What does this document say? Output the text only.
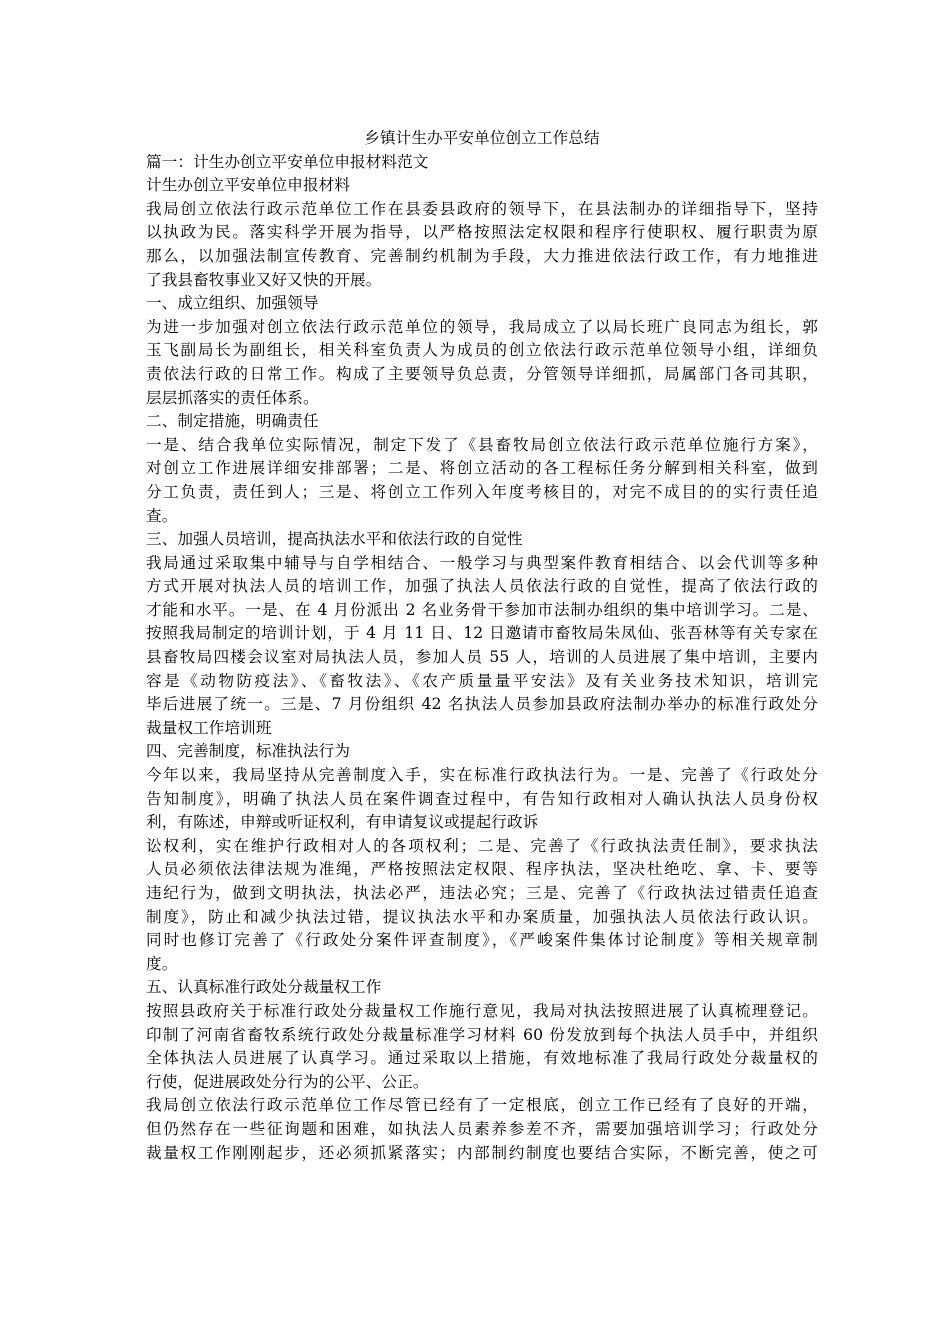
乡镇计生办平安单位创立工作总结

篇一：计生办创立平安单位申报材料范文

计生办创立平安单位申报材料

我局创立依法行政示范单位工作在县委县政府的领导下，在县法制办的详细指导下，坚持

以执政为民。落实科学开展为指导，以严格按照法定权限和程序行使职权、履行职责为原

那么，以加强法制宣传教育、完善制约机制为手段，大力推进依法行政工作，有力地推进

了我县畜牧事业又好又快的开展。

一、成立组织、加强领导

为进一步加强对创立依法行政示范单位的领导，我局成立了以局长班广良同志为组长，郭

玉飞副局长为副组长，相关科室负责人为成员的创立依法行政示范单位领导小组，详细负

责依法行政的日常工作。构成了主要领导负总责，分管领导详细抓，局属部门各司其职，

层层抓落实的责任体系。

二、制定措施，明确责任

一是、结合我单位实际情况，制定下发了《县畜牧局创立依法行政示范单位施行方案》，

对创立工作进展详细安排部署；二是、将创立活动的各工程标任务分解到相关科室，做到

分工负责，责任到人；三是、将创立工作列入年度考核目的，对完不成目的的实行责任追

查。

三、加强人员培训，提高执法水平和依法行政的自觉性

我局通过采取集中辅导与自学相结合、一般学习与典型案件教育相结合、以会代训等多种

方式开展对执法人员的培训工作，加强了执法人员依法行政的自觉性，提高了依法行政的

才能和水平。一是、在 4 月份派出 2 名业务骨干参加市法制办组织的集中培训学习。二是、

按照我局制定的培训计划，于 4 月 11 日、12 日邀请市畜牧局朱凤仙、张吾林等有关专家在

县畜牧局四楼会议室对局执法人员，参加人员 55 人，培训的人员进展了集中培训，主要内

容是《动物防疫法》、《畜牧法》、《农产质量量平安法》及有关业务技术知识，培训完

毕后进展了统一。三是、7 月份组织 42 名执法人员参加县政府法制办举办的标准行政处分

裁量权工作培训班

四、完善制度，标准执法行为

今年以来，我局坚持从完善制度入手，实在标准行政执法行为。一是、完善了《行政处分

告知制度》，明确了执法人员在案件调查过程中，有告知行政相对人确认执法人员身份权

利，有陈述，申辩或听证权利，有申请复议或提起行政诉

讼权利，实在维护行政相对人的各项权利；二是、完善了《行政执法责任制》，要求执法

人员必须依法律法规为准绳，严格按照法定权限、程序执法，坚决杜绝吃、拿、卡、要等

违纪行为，做到文明执法，执法必严，违法必究；三是、完善了《行政执法过错责任追查

制度》，防止和减少执法过错，提议执法水平和办案质量，加强执法人员依法行政认识。

同时也修订完善了《行政处分案件评查制度》，《严峻案件集体讨论制度》等相关规章制

度。

五、认真标准行政处分裁量权工作

按照县政府关于标准行政处分裁量权工作施行意见，我局对执法按照进展了认真梳理登记。

印制了河南省畜牧系统行政处分裁量标准学习材料 60 份发放到每个执法人员手中，并组织

全体执法人员进展了认真学习。通过采取以上措施，有效地标准了我局行政处分裁量权的

行使，促进展政处分行为的公平、公正。

我局创立依法行政示范单位工作尽管已经有了一定根底，创立工作已经有了良好的开端，

但仍然存在一些征询题和困难，如执法人员素养参差不齐，需要加强培训学习；行政处分

裁量权工作刚刚起步，还必须抓紧落实；内部制约制度也要结合实际，不断完善，使之可
